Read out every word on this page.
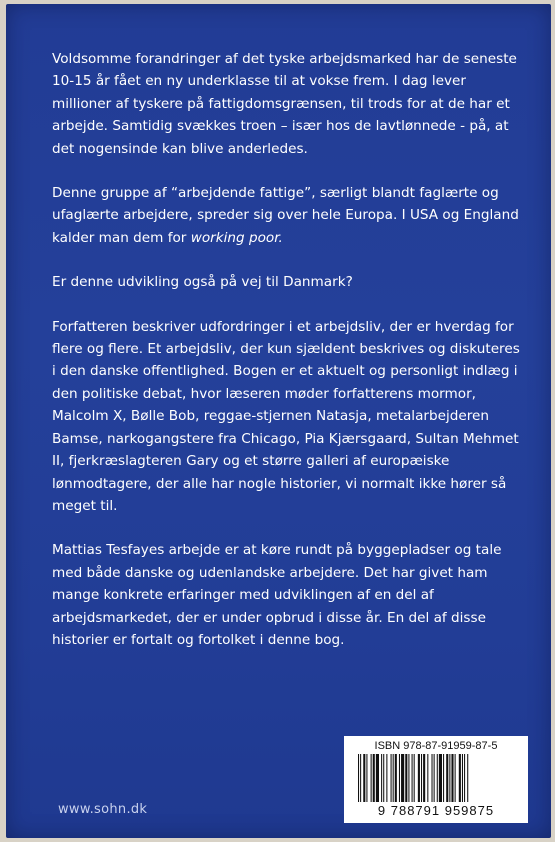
Voldsomme forandringer af det tyske arbejdsmarked har de seneste 10-15 år fået en ny underklasse til at vokse frem. I dag lever millioner af tyskere på fattigdomsgrænsen, til trods for at de har et arbejde. Samtidig svækkes troen – især hos de lavtlønnede - på, at det nogensinde kan blive anderledes.

Denne gruppe af “arbejdende fattige”, særligt blandt faglærte og ufaglærte arbejdere, spreder sig over hele Europa. I USA og England kalder man dem for working poor.

Er denne udvikling også på vej til Danmark?

Forfatteren beskriver udfordringer i et arbejdsliv, der er hverdag for flere og flere. Et arbejdsliv, der kun sjældent beskrives og diskuteres i den danske offentlighed. Bogen er et aktuelt og personligt indlæg i den politiske debat, hvor læseren møder forfatterens mormor, Malcolm X, Bølle Bob, reggae-stjernen Natasja, metalarbejderen Bamse, narkogangstere fra Chicago, Pia Kjærsgaard, Sultan Mehmet II, fjerkræslagteren Gary og et større galleri af europæiske lønmodtagere, der alle har nogle historier, vi normalt ikke hører så meget til.

Mattias Tesfayes arbejde er at køre rundt på byggepladser og tale med både danske og udenlandske arbejdere. Det har givet ham mange konkrete erfaringer med udviklingen af en del af arbejdsmarkedet, der er under opbrud i disse år. En del af disse historier er fortalt og fortolket i denne bog.

www.sohn.dk
ISBN 978-87-91959-87-5
9 788791 959875
